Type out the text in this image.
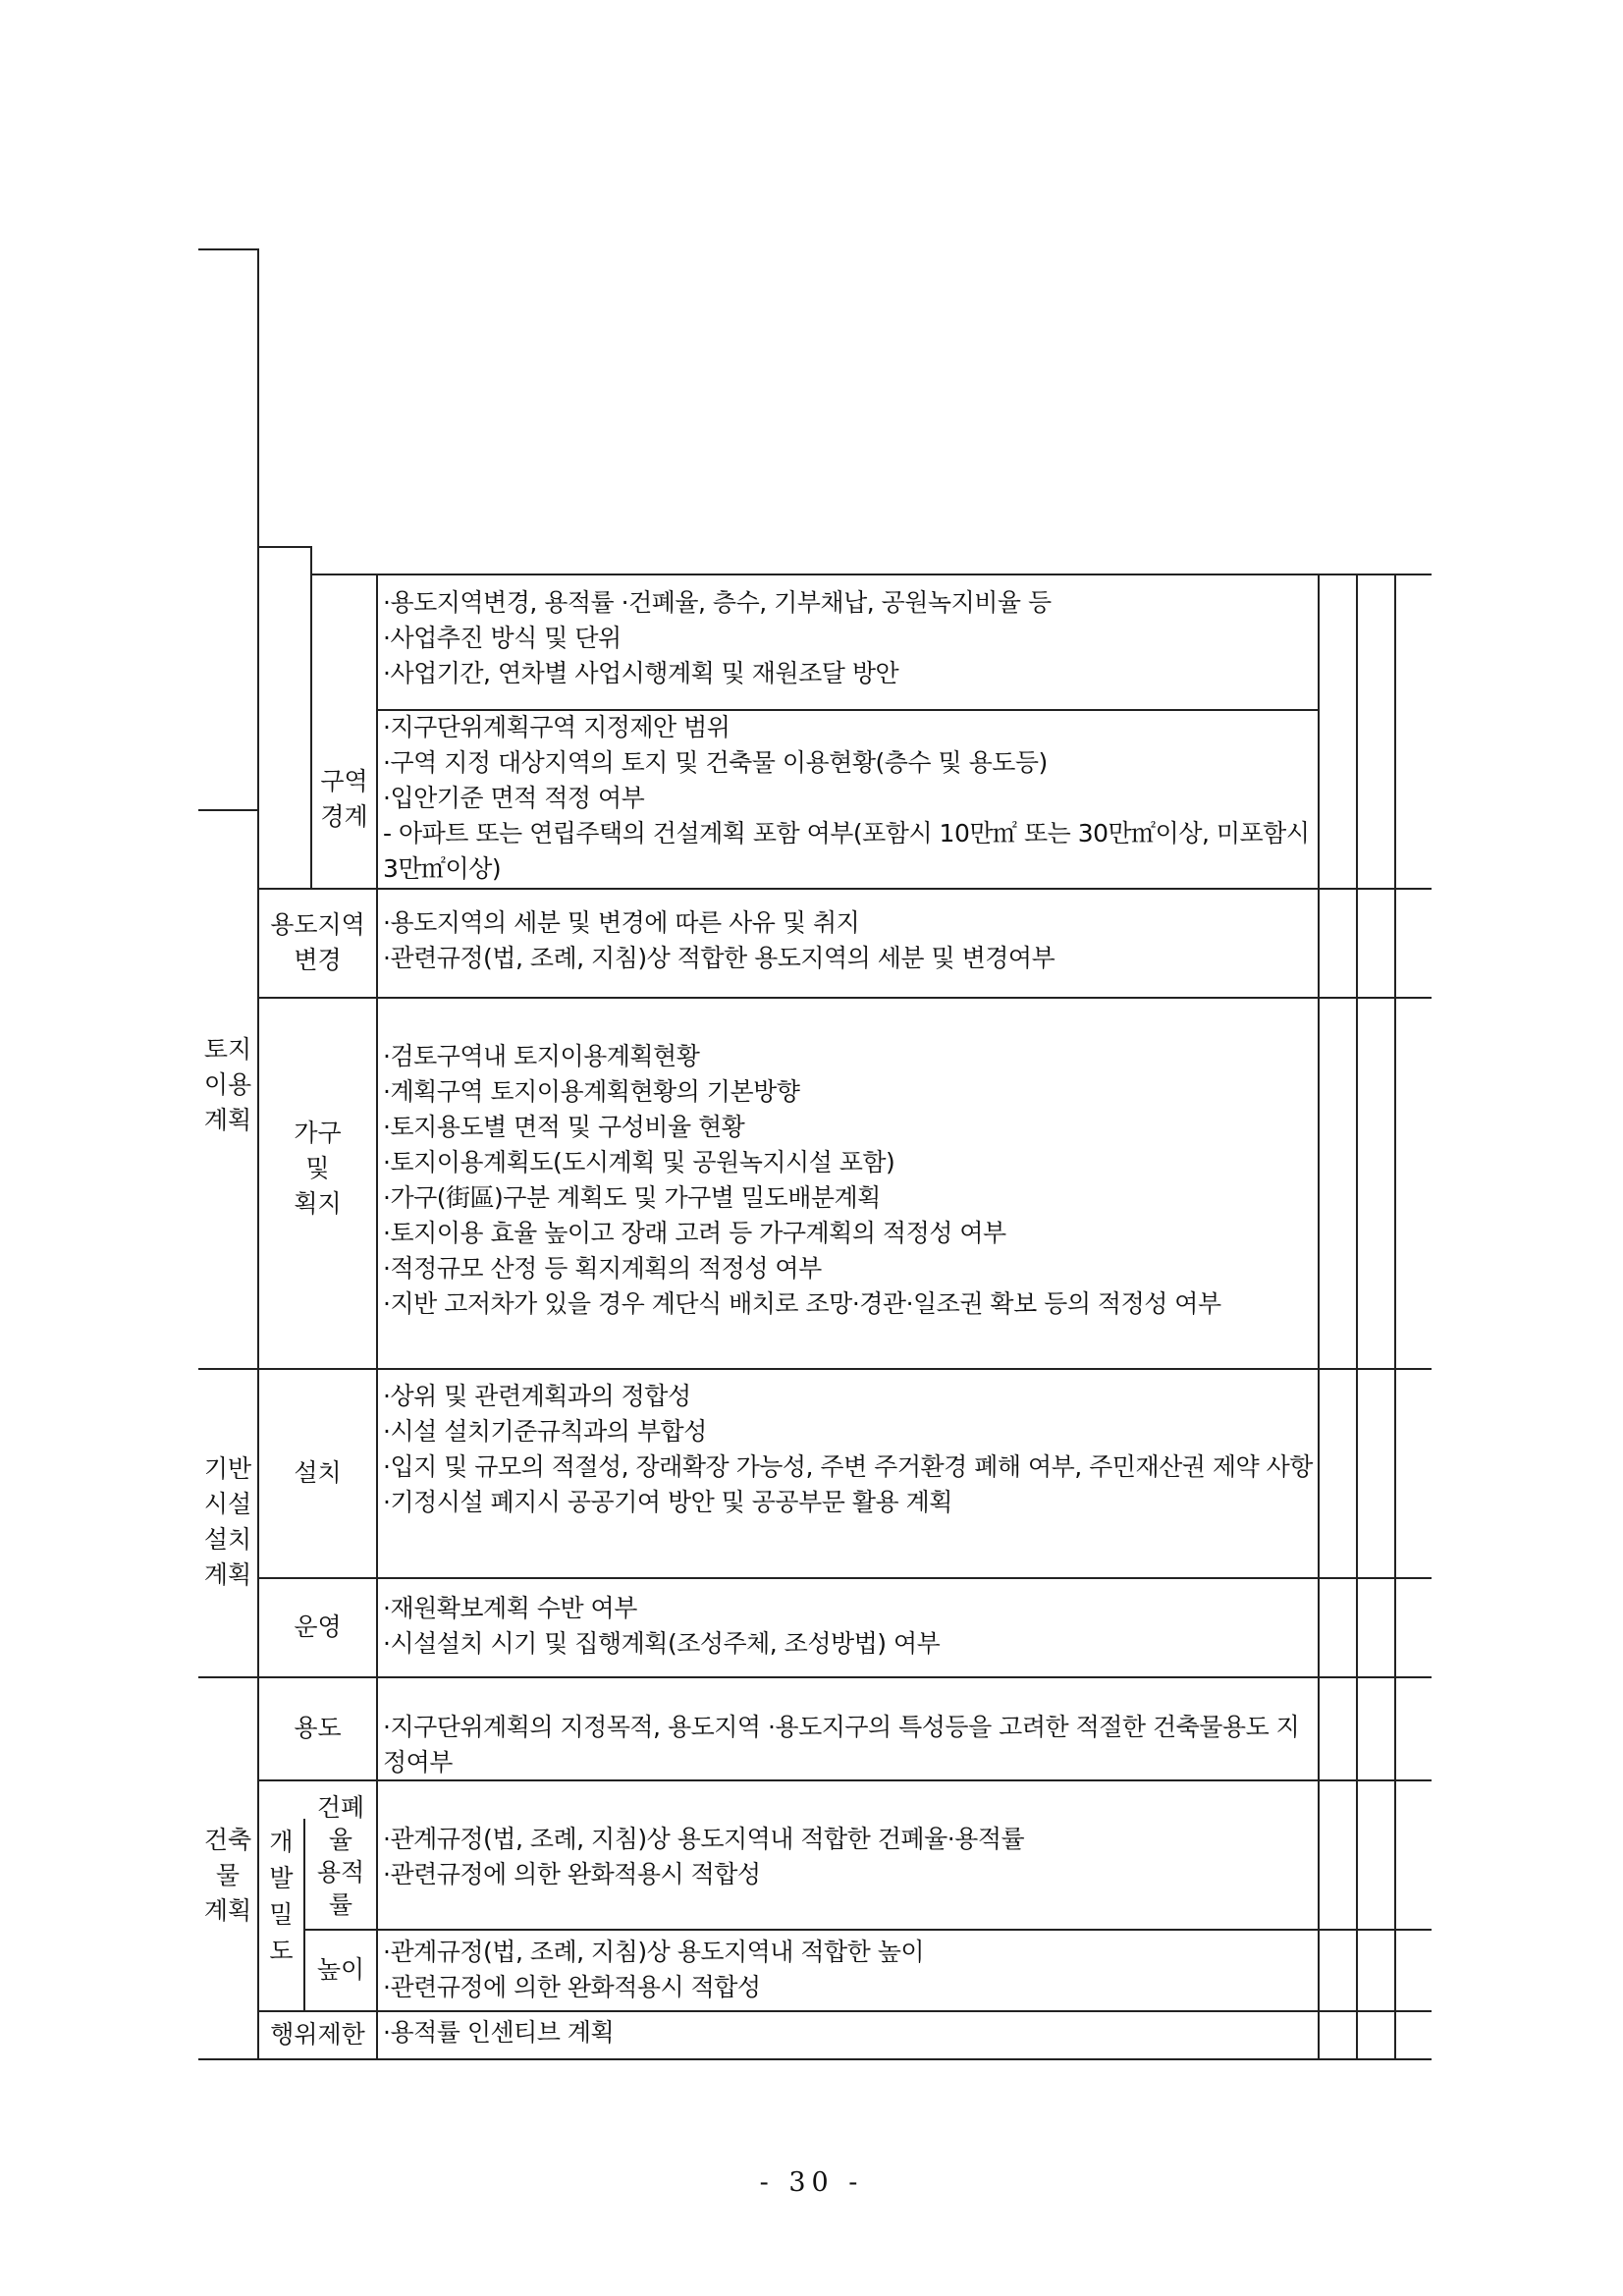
·용도지역변경, 용적률 ·건폐율, 층수, 기부채납, 공원녹지비율 등
·사업추진 방식 및 단위
·사업기간, 연차별 사업시행계획 및 재원조달 방안
구역
경계
·지구단위계획구역 지정제안 범위
·구역 지정 대상지역의 토지 및 건축물 이용현황(층수 및 용도등)
·입안기준 면적 적정 여부
- 아파트 또는 연립주택의 건설계획 포함 여부(포함시 10만㎡ 또는 30만㎡이상, 미포함시 3만㎡이상)
토지
이용
계획
용도지역
변경
·용도지역의 세분 및 변경에 따른 사유 및 취지
·관련규정(법, 조례, 지침)상 적합한 용도지역의 세분 및 변경여부
가구
및
획지
·검토구역내 토지이용계획현황
·계획구역 토지이용계획현황의 기본방향
·토지용도별 면적 및 구성비율 현황
·토지이용계획도(도시계획 및 공원녹지시설 포함)
·가구(街區)구분 계획도 및 가구별 밀도배분계획
·토지이용 효율 높이고 장래 고려 등 가구계획의 적정성 여부
·적정규모 산정 등 획지계획의 적정성 여부
·지반 고저차가 있을 경우 계단식 배치로 조망·경관·일조권 확보 등의 적정성 여부
기반
시설
설치
계획
설치
·상위 및 관련계획과의 정합성
·시설 설치기준규칙과의 부합성
·입지 및 규모의 적절성, 장래확장 가능성, 주변 주거환경 폐해 여부, 주민재산권 제약 사항
·기정시설 폐지시 공공기여 방안 및 공공부문 활용 계획
운영
·재원확보계획 수반 여부
·시설설치 시기 및 집행계획(조성주체, 조성방법) 여부
건축
물
계획
용도 ·지구단위계획의 지정목적, 용도지역 ·용도지구의 특성등을 고려한 적절한 건축물용도 지정여부
개
발
밀
도
건폐
율
용적률
·관계규정(법, 조례, 지침)상 용도지역내 적합한 건폐율·용적률
·관련규정에 의한 완화적용시 적합성
높이
·관계규정(법, 조례, 지침)상 용도지역내 적합한 높이
·관련규정에 의한 완화적용시 적합성
행위제한 ·용적률 인센티브 계획
- 30 -
